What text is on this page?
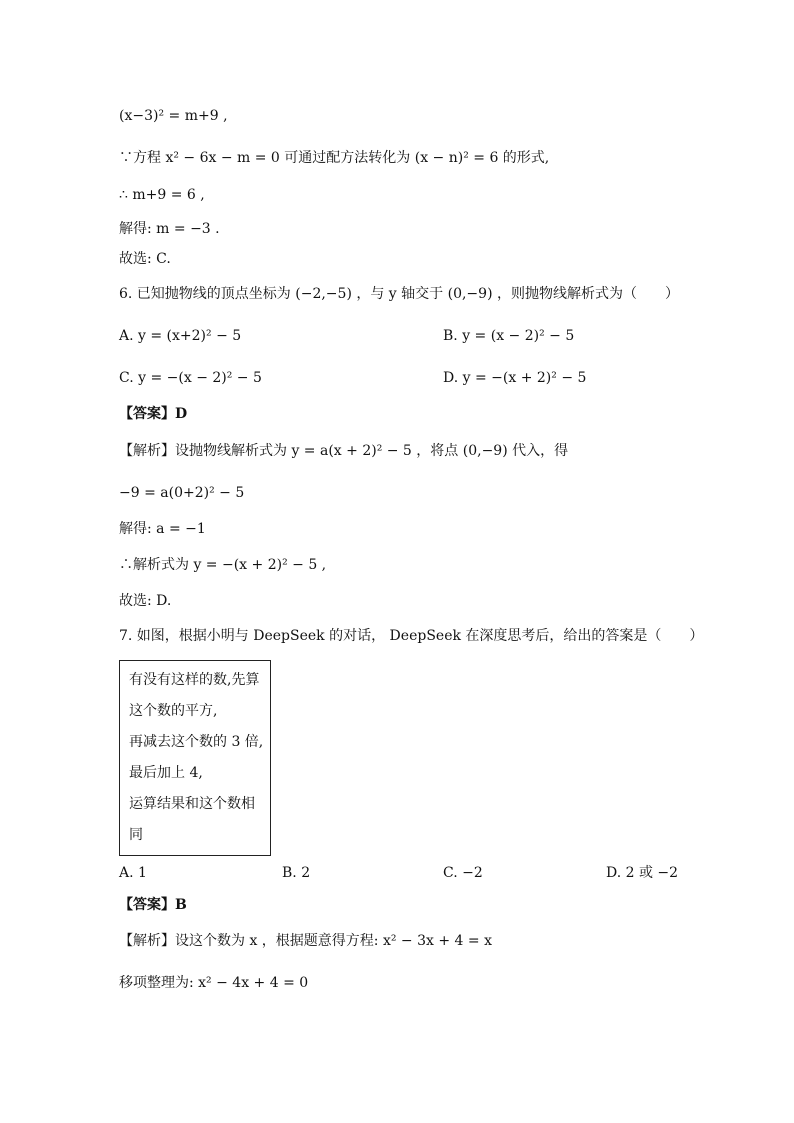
(x−3)² = m+9 ,
∵方程 x² − 6x − m = 0 可通过配方法转化为 (x − n)² = 6 的形式,
∴ m+9 = 6 ,
解得: m = −3 .
故选: C.
6. 已知抛物线的顶点坐标为 (−2,−5) ，与 y 轴交于 (0,−9) ，则抛物线解析式为（　　）
A. y = (x+2)² − 5	B. y = (x − 2)² − 5
C. y = −(x − 2)² − 5	D. y = −(x + 2)² − 5
【答案】D
【解析】设抛物线解析式为 y = a(x + 2)² − 5 ，将点 (0,−9) 代入，得
−9 = a(0+2)² − 5
解得: a = −1
∴解析式为 y = −(x + 2)² − 5 ,
故选: D.
7. 如图，根据小明与 DeepSeek 的对话， DeepSeek 在深度思考后，给出的答案是（　　）
有没有这样的数,先算
这个数的平方,
再减去这个数的 3 倍,
最后加上 4,
运算结果和这个数相
同
A. 1	B. 2	C. −2	D. 2 或 −2
【答案】B
【解析】设这个数为 x ，根据题意得方程: x² − 3x + 4 = x
移项整理为: x² − 4x + 4 = 0
